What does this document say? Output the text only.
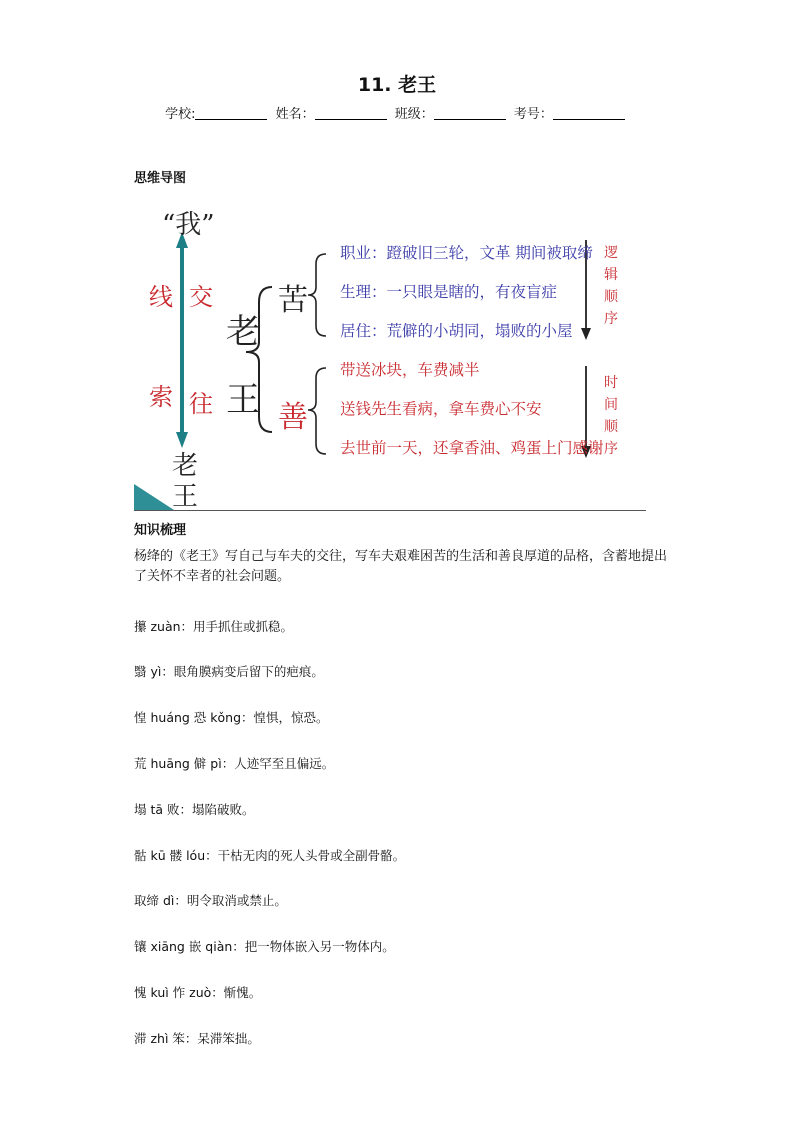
11. 老王
学校:	姓名：	班级：	考号：
思维导图
“我”
线
索
交
往
老
王
老
王
苦
善
职业：蹬破旧三轮，文革 期间被取缔
生理：一只眼是瞎的，有夜盲症
居住：荒僻的小胡同，塌败的小屋
带送冰块，车费减半
送钱先生看病，拿车费心不安
去世前一天，还拿香油、鸡蛋上门感谢
逻
辑
顺
序
时
间
顺
序
知识梳理
杨绛的《老王》写自己与车夫的交往，写车夫艰难困苦的生活和善良厚道的品格，含蓄地提出了关怀不幸者的社会问题。
攥 zuàn：用手抓住或抓稳。
翳 yì：眼角膜病变后留下的疤痕。
惶 huáng 恐 kǒng：惶惧，惊恐。
荒 huāng 僻 pì：人迹罕至且偏远。
塌 tā 败：塌陷破败。
骷 kū 髅 lóu：干枯无肉的死人头骨或全副骨骼。
取缔 dì：明令取消或禁止。
镶 xiāng 嵌 qiàn：把一物体嵌入另一物体内。
愧 kuì 怍 zuò：惭愧。
滞 zhì 笨：呆滞笨拙。
